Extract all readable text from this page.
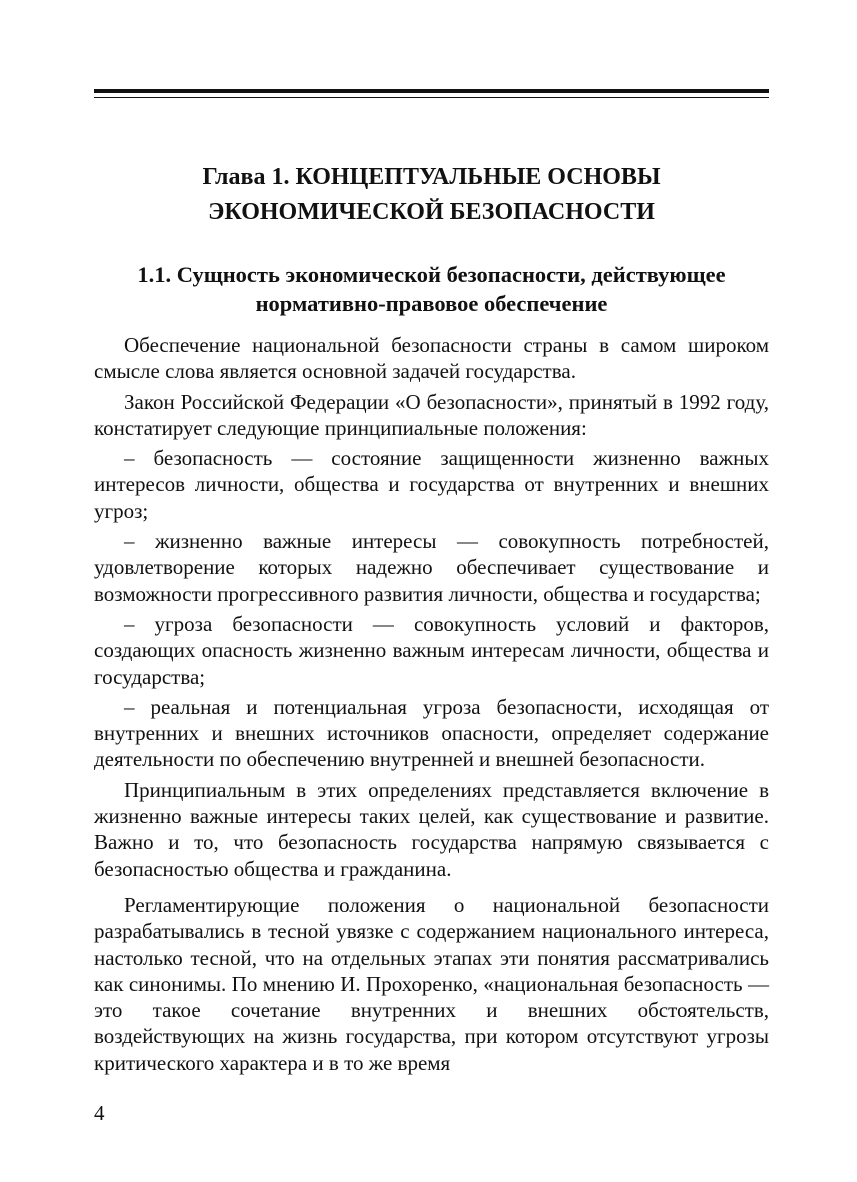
Глава 1. КОНЦЕПТУАЛЬНЫЕ ОСНОВЫ
ЭКОНОМИЧЕСКОЙ БЕЗОПАСНОСТИ
1.1. Сущность экономической безопасности, действующее
нормативно-правовое обеспечение

Обеспечение национальной безопасности страны в самом широком смысле слова является основной задачей государства.

Закон Российской Федерации «О безопасности», принятый в 1992 году, констатирует следующие принципиальные положения:

– безопасность — состояние защищенности жизненно важных интересов личности, общества и государства от внутренних и внешних угроз;

– жизненно важные интересы — совокупность потребностей, удовлетворение которых надежно обеспечивает существование и возможности прогрессивного развития личности, общества и государства;

– угроза безопасности — совокупность условий и факторов, создающих опасность жизненно важным интересам личности, общества и государства;

– реальная и потенциальная угроза безопасности, исходящая от внутренних и внешних источников опасности, определяет содержание деятельности по обеспечению внутренней и внешней безопасности.

Принципиальным в этих определениях представляется включение в жизненно важные интересы таких целей, как существование и развитие. Важно и то, что безопасность государства напрямую связывается с безопасностью общества и гражданина.

Регламентирующие положения о национальной безопасности разрабатывались в тесной увязке с содержанием национального интереса, настолько тесной, что на отдельных этапах эти понятия рассматривались как синонимы. По мнению И. Прохоренко, «национальная безопасность — это такое сочетание внутренних и внешних обстоятельств, воздействующих на жизнь государства, при котором отсутствуют угрозы критического характера и в то же время

4
